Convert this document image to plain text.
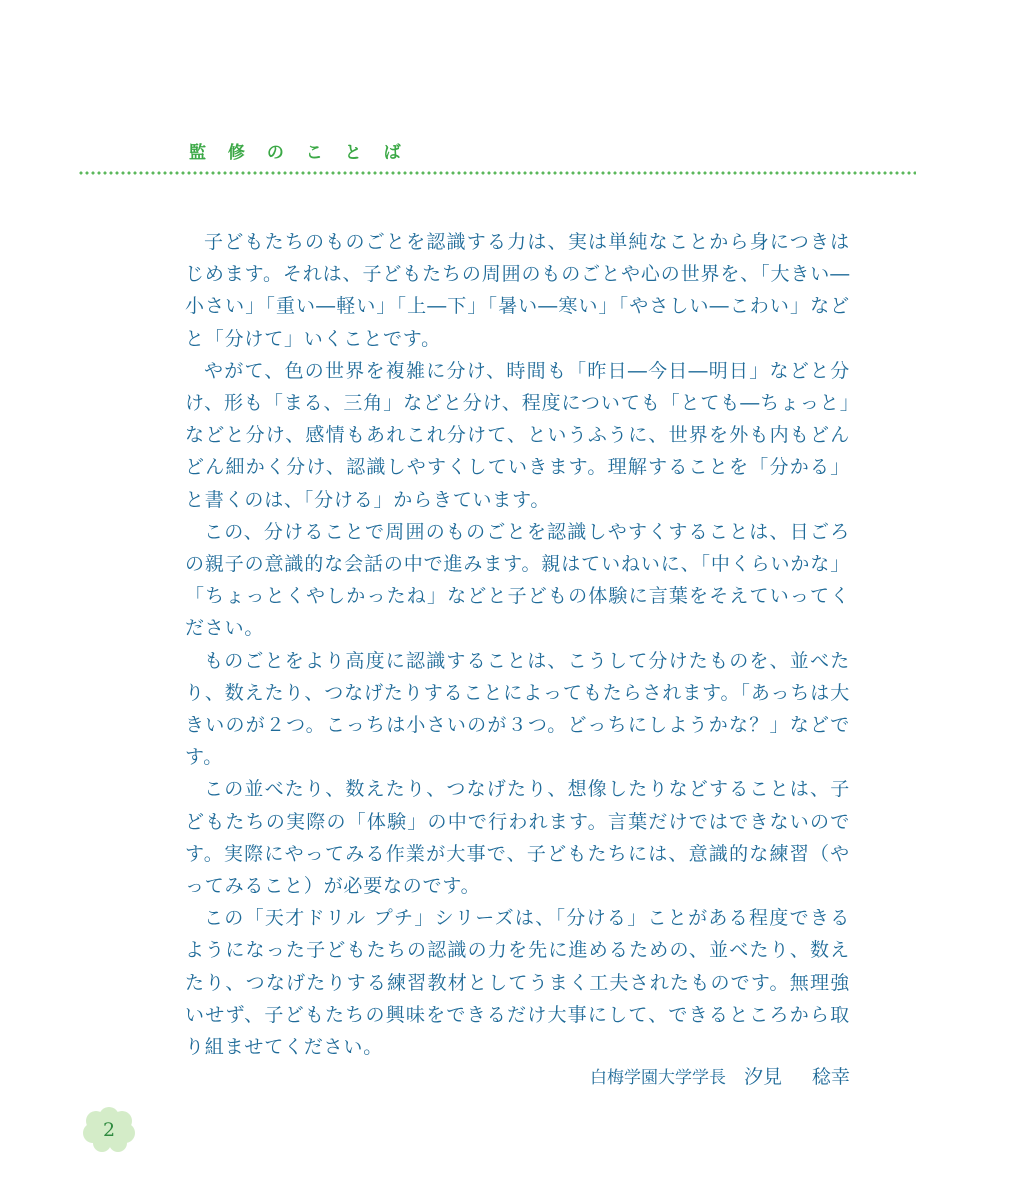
監 修 の こ と ば

子どもたちのものごとを認識する力は、実は単純なことから身につきはじめます。それは、子どもたちの周囲のものごとや心の世界を、「大きい―小さい」「重い―軽い」「上―下」「暑い―寒い」「やさしい―こわい」などと「分けて」いくことです。

やがて、色の世界を複雑に分け、時間も「昨日―今日―明日」などと分け、形も「まる、三角」などと分け、程度についても「とても―ちょっと」などと分け、感情もあれこれ分けて、というふうに、世界を外も内もどんどん細かく分け、認識しやすくしていきます。理解することを「分かる」と書くのは、「分ける」からきています。

この、分けることで周囲のものごとを認識しやすくすることは、日ごろの親子の意識的な会話の中で進みます。親はていねいに、「中くらいかな」「ちょっとくやしかったね」などと子どもの体験に言葉をそえていってください。

ものごとをより高度に認識することは、こうして分けたものを、並べたり、数えたり、つなげたりすることによってもたらされます。「あっちは大きいのが２つ。こっちは小さいのが３つ。どっちにしようかな？」などです。

この並べたり、数えたり、つなげたり、想像したりなどすることは、子どもたちの実際の「体験」の中で行われます。言葉だけではできないのです。実際にやってみる作業が大事で、子どもたちには、意識的な練習（やってみること）が必要なのです。

この「天才ドリル プチ」シリーズは、「分ける」ことがある程度できるようになった子どもたちの認識の力を先に進めるための、並べたり、数えたり、つなげたりする練習教材としてうまく工夫されたものです。無理強いせず、子どもたちの興味をできるだけ大事にして、できるところから取り組ませてください。

白梅学園大学学長 汐見 稔幸
2
